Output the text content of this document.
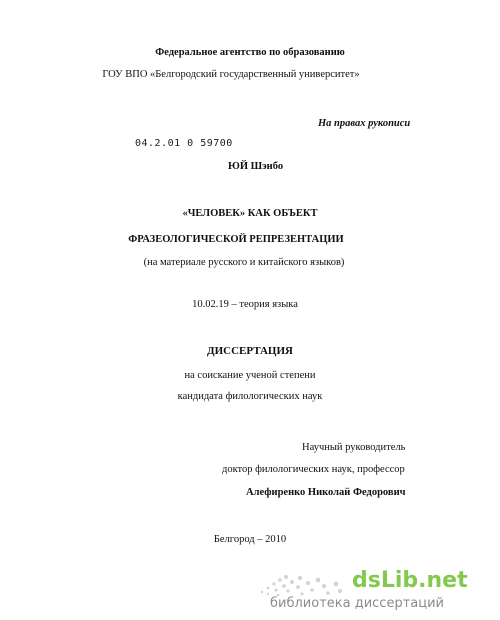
Федеральное агентство по образованию
ГОУ ВПО «Белгородский государственный университет»
На правах рукописи
04.2.01 0 59700
ЮЙ Шэнбо
«ЧЕЛОВЕК» КАК ОБЪЕКТ
ФРАЗЕОЛОГИЧЕСКОЙ РЕПРЕЗЕНТАЦИИ
(на материале русского и китайского языков)
10.02.19 – теория языка
ДИССЕРТАЦИЯ
на соискание ученой степени
кандидата филологических наук
Научный руководитель
доктор филологических наук, профессор
Алефиренко Николай Федорович
Белгород – 2010
dsLib.net
библиотека диссертаций
